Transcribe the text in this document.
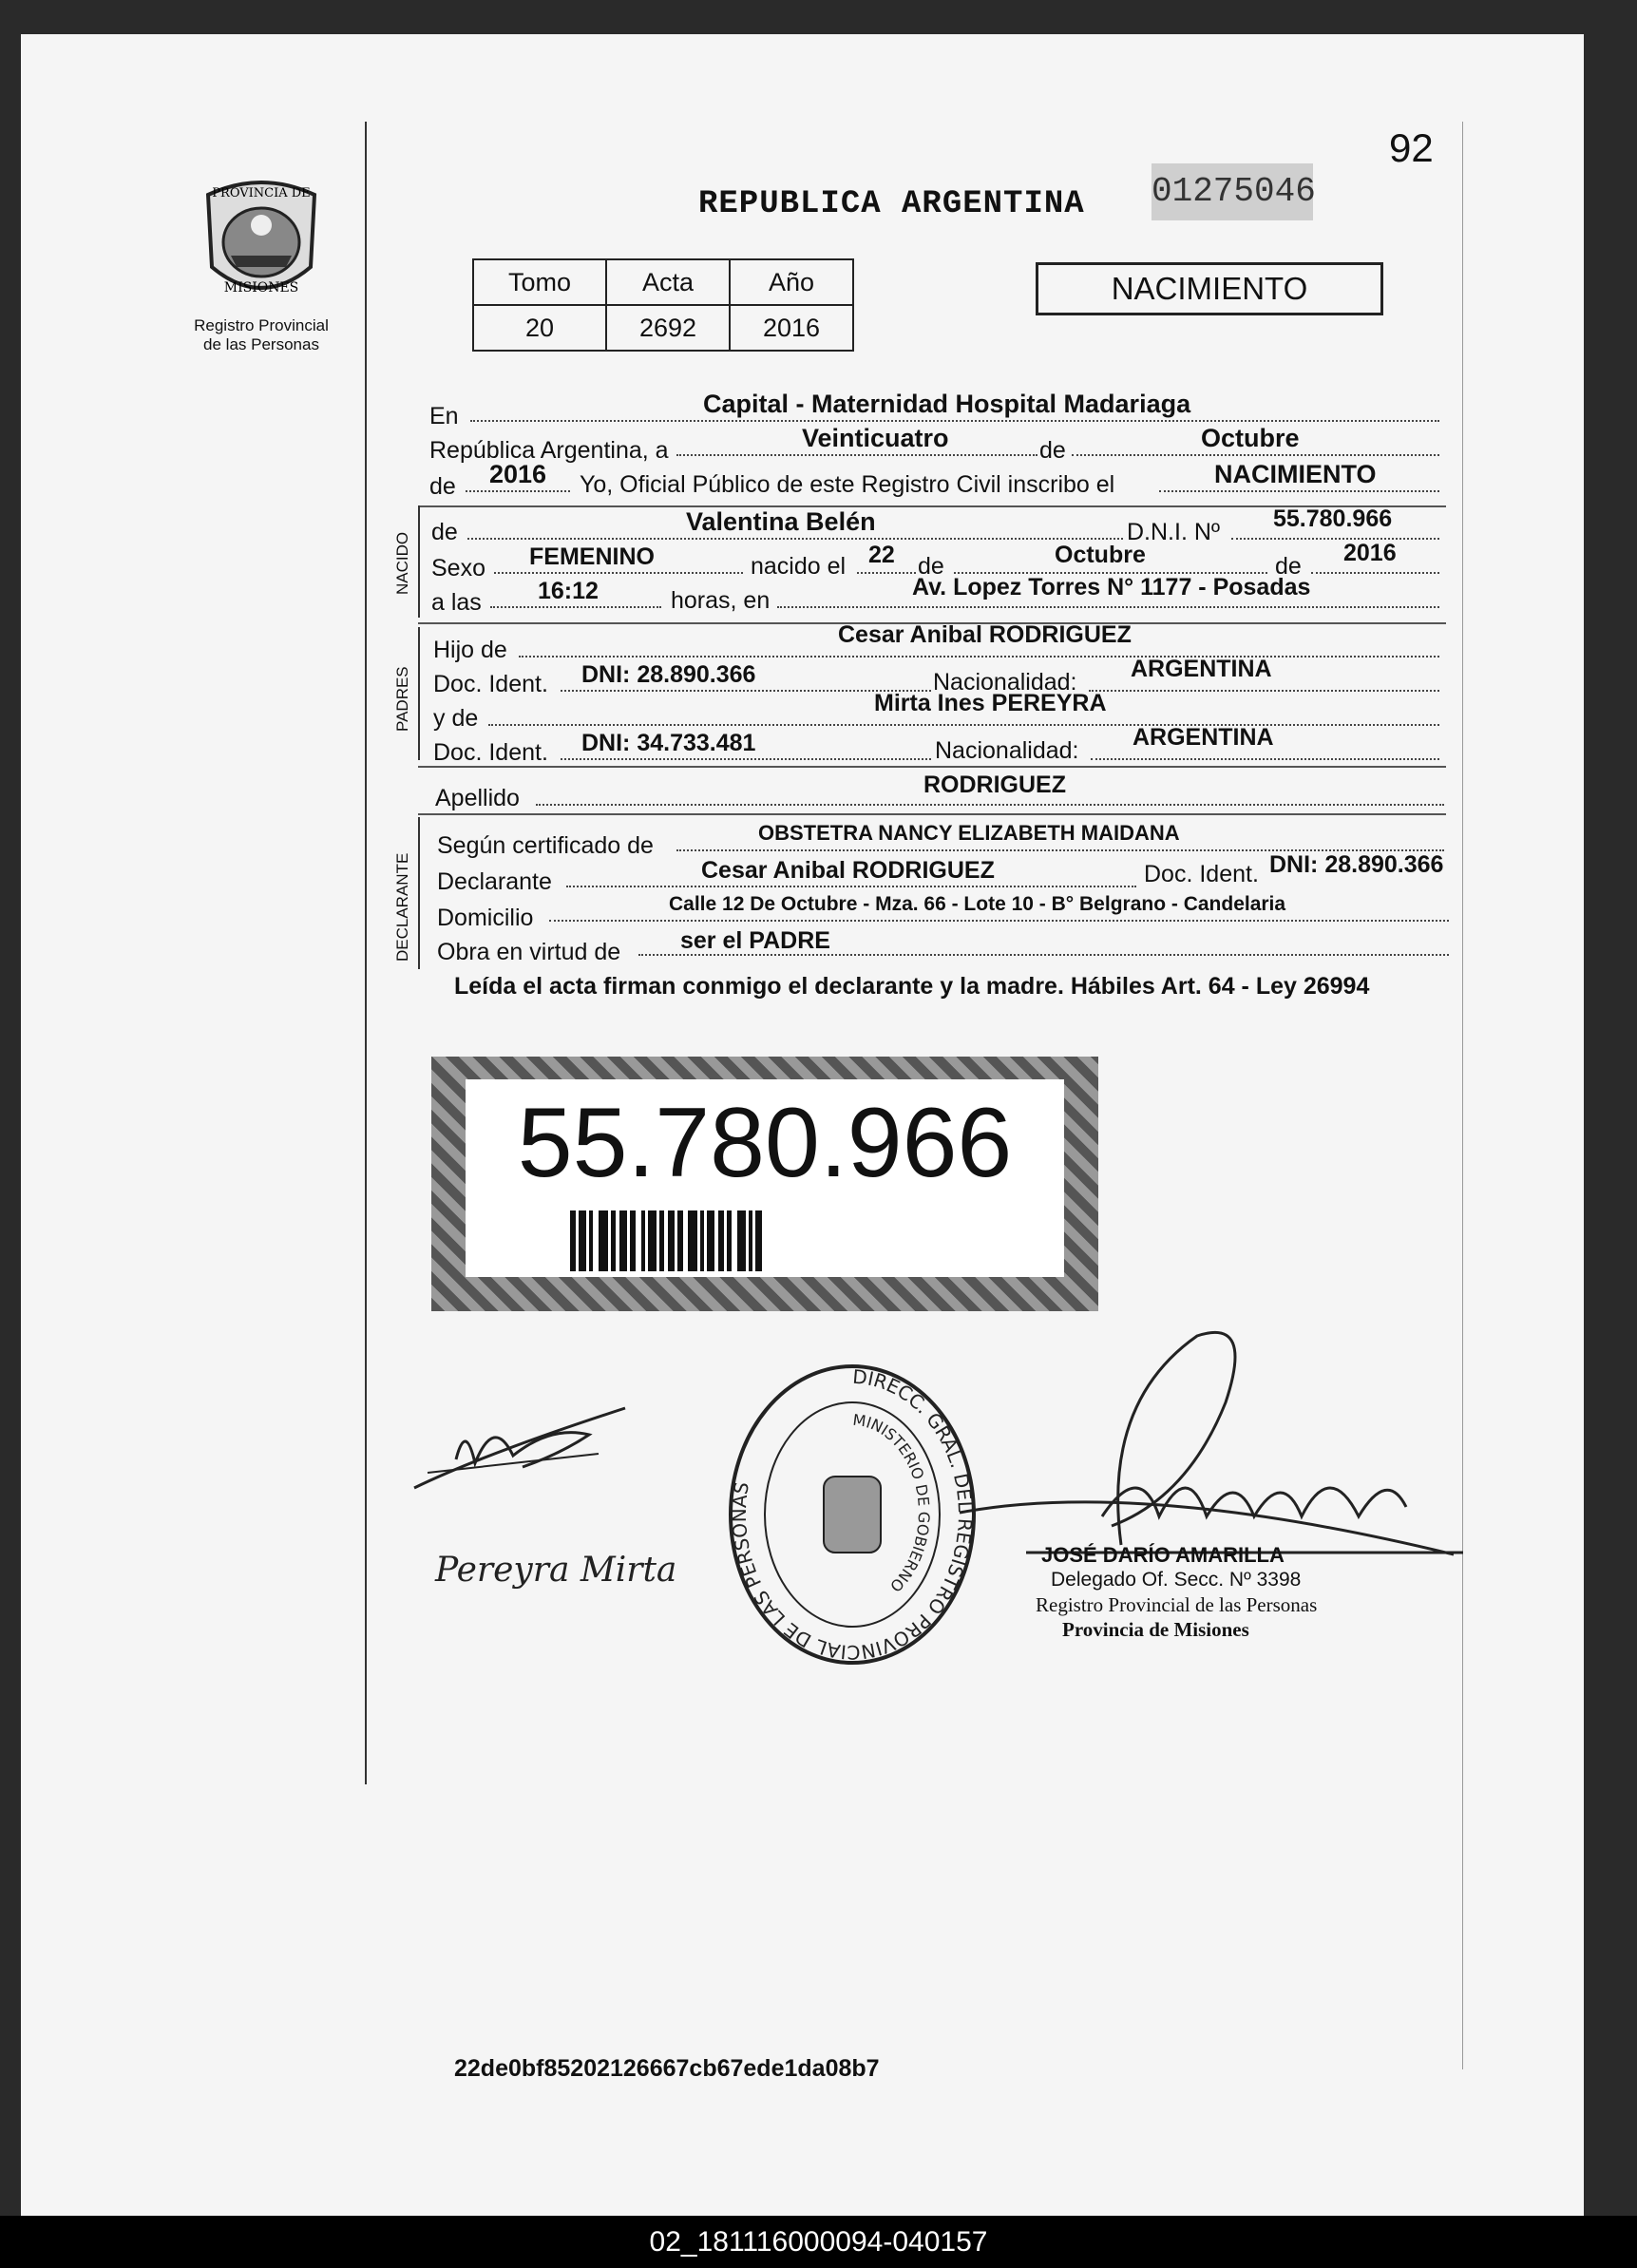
92
REPUBLICA ARGENTINA 01275046
PROVINCIA DE
MISIONES
Registro Provincial
de las Personas
Tomo	Acta	Año
20	2692	2016
NACIMIENTO
En	Capital - Maternidad Hospital Madariaga
República Argentina, a	Veinticuatro	de	Octubre
de 2016 Yo, Oficial Público de este Registro Civil inscribo el	NACIMIENTO
NACIDO de	Valentina Belén	D.N.I. Nº 55.780.966
Sexo FEMENINO	nacido el 22 de	Octubre	de 2016
a las 16:12	horas, en	Av. Lopez Torres N° 1177 - Posadas
PADRES
Hijo de
Cesar Anibal RODRIGUEZ
Doc. Ident. DNI: 28.890.366	Nacionalidad: ARGENTINA
y de
Mirta Ines PEREYRA
Doc. Ident. DNI: 34.733.481	Nacionalidad: ARGENTINA
Apellido	RODRIGUEZ
DECLARANTE
Según certificado de	OBSTETRA NANCY ELIZABETH MAIDANA
Declarante	Cesar Anibal RODRIGUEZ	Doc. Ident. DNI: 28.890.366
Domicilio
Calle 12 De Octubre - Mza. 66 - Lote 10 - B° Belgrano - Candelaria
Obra en virtud de	ser el PADRE
Leída el acta firman conmigo el declarante y la madre. Hábiles Art. 64 - Ley 26994
55.780.966
DIRECC. GRAL. DEL REGISTRO PROVINCIAL DE LAS PERSONAS
MINISTERIO DE GOBIERNO
Pereyra Mirta	JOSÉ DARÍO AMARILLA
Delegado Of. Secc. Nº 3398
Registro Provincial de las Personas
Provincia de Misiones
22de0bf85202126667cb67ede1da08b7
02_181116000094-040157
